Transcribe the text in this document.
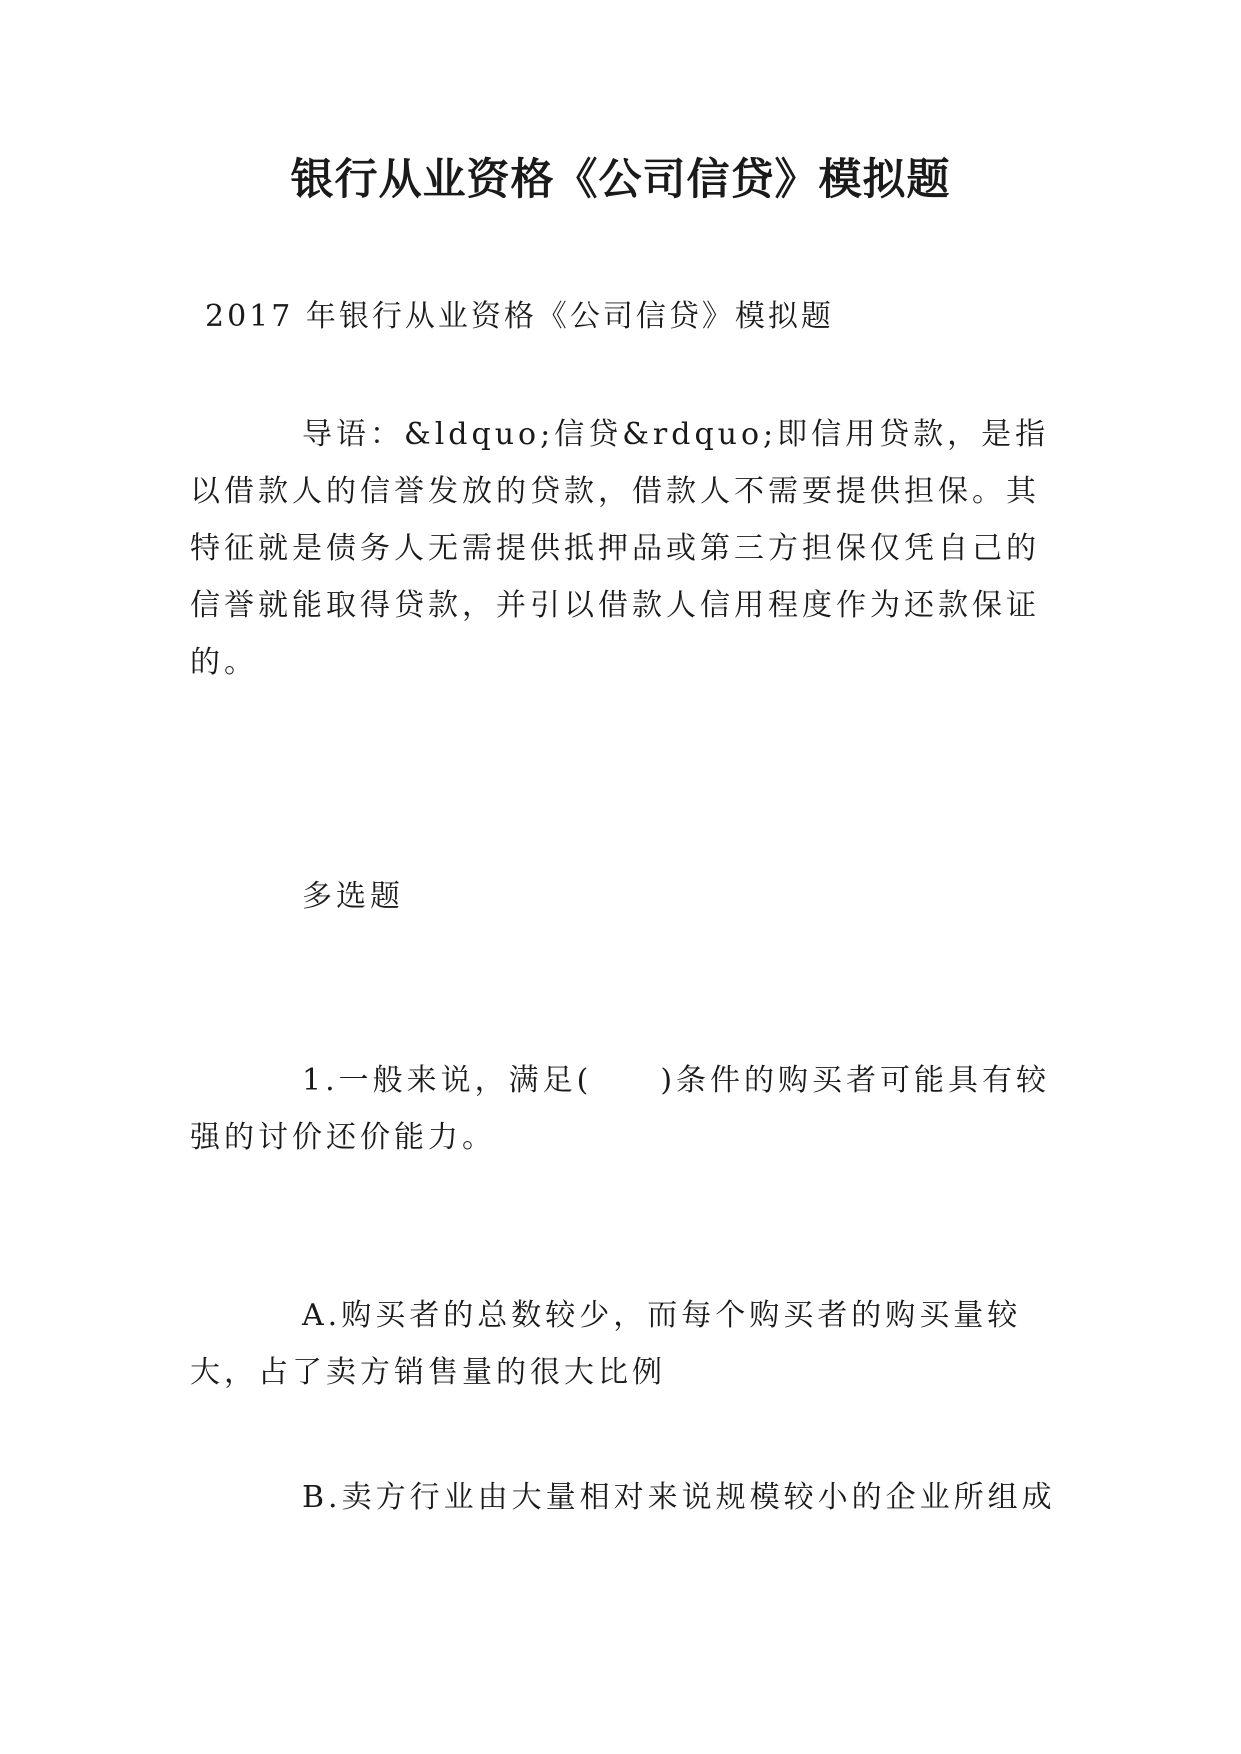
银行从业资格《公司信贷》模拟题

2017 年银行从业资格《公司信贷》模拟题

导语：&ldquo;信贷&rdquo;即信用贷款，是指以借款人的信誉发放的贷款，借款人不需要提供担保。其特征就是债务人无需提供抵押品或第三方担保仅凭自己的信誉就能取得贷款，并引以借款人信用程度作为还款保证的。

多选题

1.一般来说，满足(　　)条件的购买者可能具有较强的讨价还价能力。

A.购买者的总数较少，而每个购买者的购买量较大，占了卖方销售量的很大比例

B.卖方行业由大量相对来说规模较小的企业所组成
